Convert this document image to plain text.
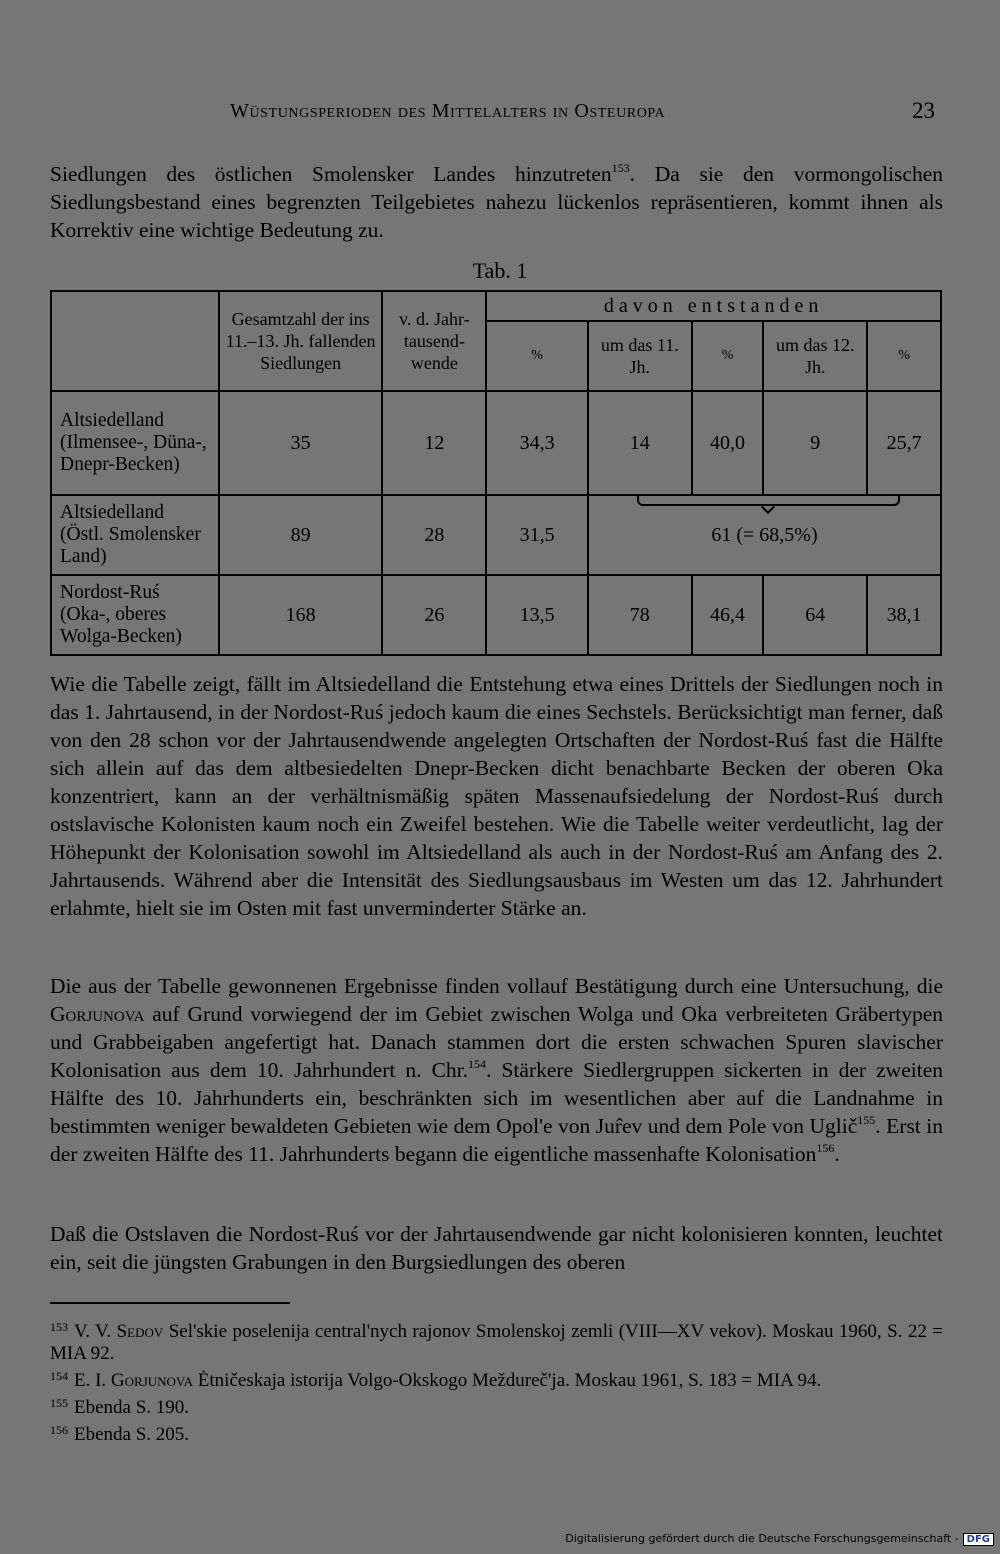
Wüstungsperioden des Mittelalters in Osteuropa	23

Siedlungen des östlichen Smolensker Landes hinzutreten$^{153}$. Da sie den vormongolischen Siedlungsbestand eines begrenzten Teilgebietes nahezu lückenlos repräsentieren, kommt ihnen als Korrektiv eine wichtige Bedeutung zu.

Tab. 1
	Gesamtzahl der ins 11.–13. Jh. fallenden Siedlungen	v. d. Jahr-tausend-wende	davon entstanden				
			%	um das 11. Jh.	%	um das 12. Jh.	%
Altsiedelland (Ilmensee-, Düna-, Dnepr-Becken)	35	12	34,3	14	40,0	9	25,7
Altsiedelland (Östl. Smolensker Land)	89	28	31,5	61 (= 68,5%)			
Nordost-Ruś (Oka-, oberes Wolga-Becken)	168	26	13,5	78	46,4	64	38,1

Wie die Tabelle zeigt, fällt im Altsiedelland die Entstehung etwa eines Drittels der Siedlungen noch in das 1. Jahrtausend, in der Nordost-Ruś jedoch kaum die eines Sechstels. Berücksichtigt man ferner, daß von den 28 schon vor der Jahrtausendwende angelegten Ortschaften der Nordost-Ruś fast die Hälfte sich allein auf das dem altbesiedelten Dnepr-Becken dicht benachbarte Becken der oberen Oka konzentriert, kann an der verhältnismäßig späten Massenaufsiedelung der Nordost-Ruś durch ostslavische Kolonisten kaum noch ein Zweifel bestehen. Wie die Tabelle weiter verdeutlicht, lag der Höhepunkt der Kolonisation sowohl im Altsiedelland als auch in der Nordost-Ruś am Anfang des 2. Jahrtausends. Während aber die Intensität des Siedlungsausbaus im Westen um das 12. Jahrhundert erlahmte, hielt sie im Osten mit fast unverminderter Stärke an.

Die aus der Tabelle gewonnenen Ergebnisse finden vollauf Bestätigung durch eine Untersuchung, die Gorjunova auf Grund vorwiegend der im Gebiet zwischen Wolga und Oka verbreiteten Gräbertypen und Grabbeigaben angefertigt hat. Danach stammen dort die ersten schwachen Spuren slavischer Kolonisation aus dem 10. Jahrhundert n. Chr.$^{154}$. Stärkere Siedlergruppen sickerten in der zweiten Hälfte des 10. Jahrhunderts ein, beschränkten sich im wesentlichen aber auf die Landnahme in bestimmten weniger bewaldeten Gebieten wie dem Opol'e von Jur̂ev und dem Pole von Uglič$^{155}$. Erst in der zweiten Hälfte des 11. Jahrhunderts begann die eigentliche massenhafte Kolonisation$^{156}$.

Daß die Ostslaven die Nordost-Ruś vor der Jahrtausendwende gar nicht kolonisieren konnten, leuchtet ein, seit die jüngsten Grabungen in den Burgsiedlungen des oberen

$^{153}$ V. V. Sedov Sel'skie poselenija central'nych rajonov Smolenskoj zemli (VIII—XV vekov). Moskau 1960, S. 22 = MIA 92.

$^{154}$ E. I. Gorjunova Ėtničeskaja istorija Volgo-Okskogo Meždureč'ja. Moskau 1961, S. 183 = MIA 94.

$^{155}$ Ebenda S. 190.

$^{156}$ Ebenda S. 205.

Digitalisierung gefördert durch die Deutsche Forschungsgemeinschaft - DFG
